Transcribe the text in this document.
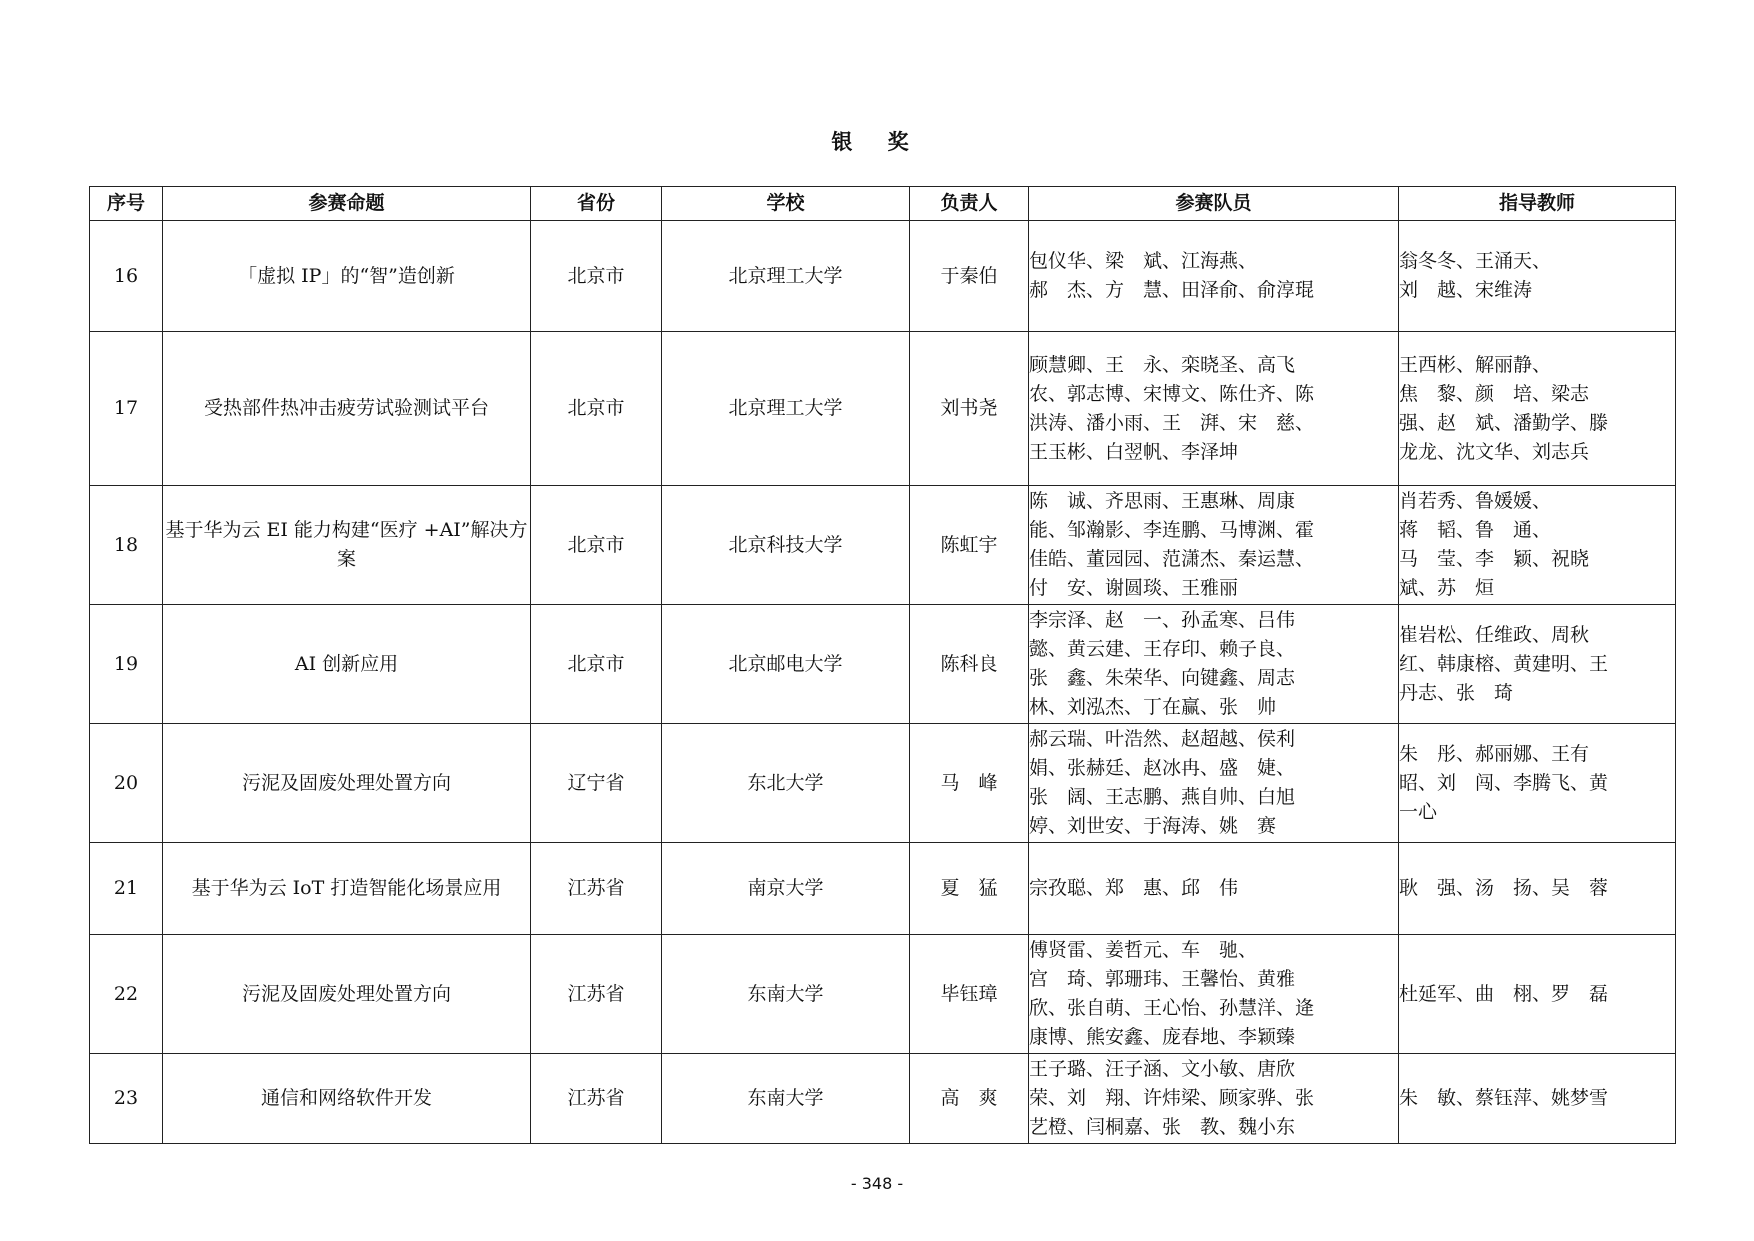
银 奖
序号	参赛命题	省份	学校	负责人	参赛队员	指导教师
16	「虚拟 IP」的“智”造创新	北京市	北京理工大学	于秦伯	包仪华、梁　斌、江海燕、
郝　杰、方　慧、田泽俞、俞淳琨	翁冬冬、王涌天、
刘　越、宋维涛

17	受热部件热冲击疲劳试验测试平台	北京市	北京理工大学	刘书尧	顾慧卿、王　永、栾晓圣、高飞
农、郭志博、宋博文、陈仕齐、陈
洪涛、潘小雨、王　湃、宋　慈、
王玉彬、白翌帆、李泽坤	王西彬、解丽静、
焦　黎、颜　培、梁志
强、赵　斌、潘勤学、滕
龙龙、沈文华、刘志兵

18	基于华为云 EI 能力构建“医疗 +AI”解决方案	北京市	北京科技大学	陈虹宇	陈　诚、齐思雨、王惠琳、周康
能、邹瀚影、李连鹏、马博渊、霍
佳皓、董园园、范潇杰、秦运慧、
付　安、谢圆琰、王雅丽	肖若秀、鲁媛媛、
蒋　韬、鲁　通、
马　莹、李　颖、祝晓
斌、苏　烜

19	AI 创新应用	北京市	北京邮电大学	陈科良	李宗泽、赵　一、孙孟寒、吕伟
懿、黄云建、王存印、赖子良、
张　鑫、朱荣华、向键鑫、周志
林、刘泓杰、丁在赢、张　帅	崔岩松、任维政、周秋
红、韩康榕、黄建明、王
丹志、张　琦

20	污泥及固废处理处置方向	辽宁省	东北大学	马　峰	郝云瑞、叶浩然、赵超越、侯利
娟、张赫廷、赵冰冉、盛　婕、
张　阔、王志鹏、燕自帅、白旭
婷、刘世安、于海涛、姚　赛	朱　彤、郝丽娜、王有
昭、刘　闯、李腾飞、黄
一心

21	基于华为云 IoT 打造智能化场景应用	江苏省	南京大学	夏　猛	宗孜聪、郑　惠、邱　伟	耿　强、汤　扬、吴　蓉

22	污泥及固废处理处置方向	江苏省	东南大学	毕钰璋	傅贤雷、姜哲元、车　驰、
宫　琦、郭珊玮、王馨怡、黄雅
欣、张自萌、王心怡、孙慧洋、逄
康博、熊安鑫、庞春地、李颖臻	杜延军、曲　栩、罗　磊

23	通信和网络软件开发	江苏省	东南大学	高　爽	王子璐、汪子涵、文小敏、唐欣
荣、刘　翔、许炜梁、顾家骅、张
艺橙、闫桐嘉、张　教、魏小东	朱　敏、蔡钰萍、姚梦雪
- 348 -
